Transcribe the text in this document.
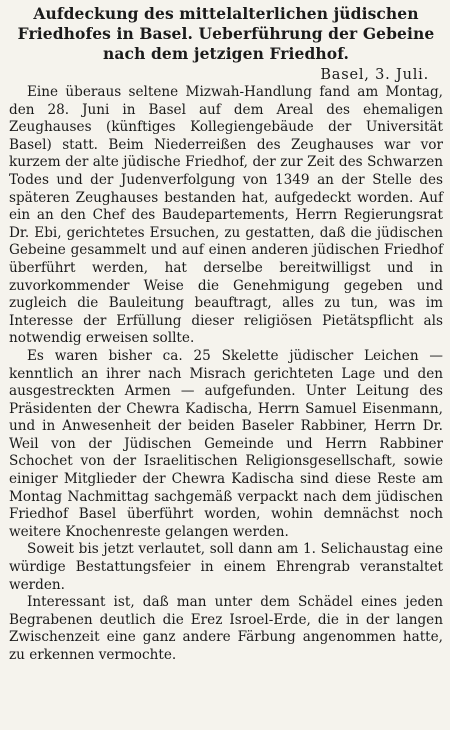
Aufdeckung des mittelalterlichen jüdischen
Friedhofes in Basel. Ueberführung der Gebeine
nach dem jetzigen Friedhof.
Basel, 3. Juli.

Eine überaus seltene Mizwah-Handlung fand am Montag, den 28. Juni in Basel auf dem Areal des ehemaligen Zeughauses (künftiges Kollegiengebäude der Universität Basel) statt. Beim Niederreißen des Zeughauses war vor kurzem der alte jüdische Friedhof, der zur Zeit des Schwarzen Todes und der Judenverfolgung von 1349 an der Stelle des späteren Zeughauses bestanden hat, aufgedeckt worden. Auf ein an den Chef des Baudepartements, Herrn Regierungsrat Dr. Ebi, gerichtetes Ersuchen, zu gestatten, daß die jüdischen Gebeine gesammelt und auf einen anderen jüdischen Friedhof überführt werden, hat derselbe bereitwilligst und in zuvorkommender Weise die Genehmigung gegeben und zugleich die Bauleitung beauftragt, alles zu tun, was im Interesse der Erfüllung dieser religiösen Pietätspflicht als notwendig erweisen sollte.

Es waren bisher ca. 25 Skelette jüdischer Leichen — kenntlich an ihrer nach Misrach gerichteten Lage und den ausgestreckten Armen — aufgefunden. Unter Leitung des Präsidenten der Chewra Kadischa, Herrn Samuel Eisenmann, und in Anwesenheit der beiden Baseler Rabbiner, Herrn Dr. Weil von der Jüdischen Gemeinde und Herrn Rabbiner Schochet von der Israelitischen Religionsgesellschaft, sowie einiger Mitglieder der Chewra Kadischa sind diese Reste am Montag Nachmittag sachgemäß verpackt nach dem jüdischen Friedhof Basel überführt worden, wohin demnächst noch weitere Knochenreste gelangen werden.

Soweit bis jetzt verlautet, soll dann am 1. Selichaustag eine würdige Bestattungsfeier in einem Ehrengrab veranstaltet werden.

Interessant ist, daß man unter dem Schädel eines jeden Begrabenen deutlich die Erez Isroel-Erde, die in der langen Zwischenzeit eine ganz andere Färbung angenommen hatte, zu erkennen vermochte.
